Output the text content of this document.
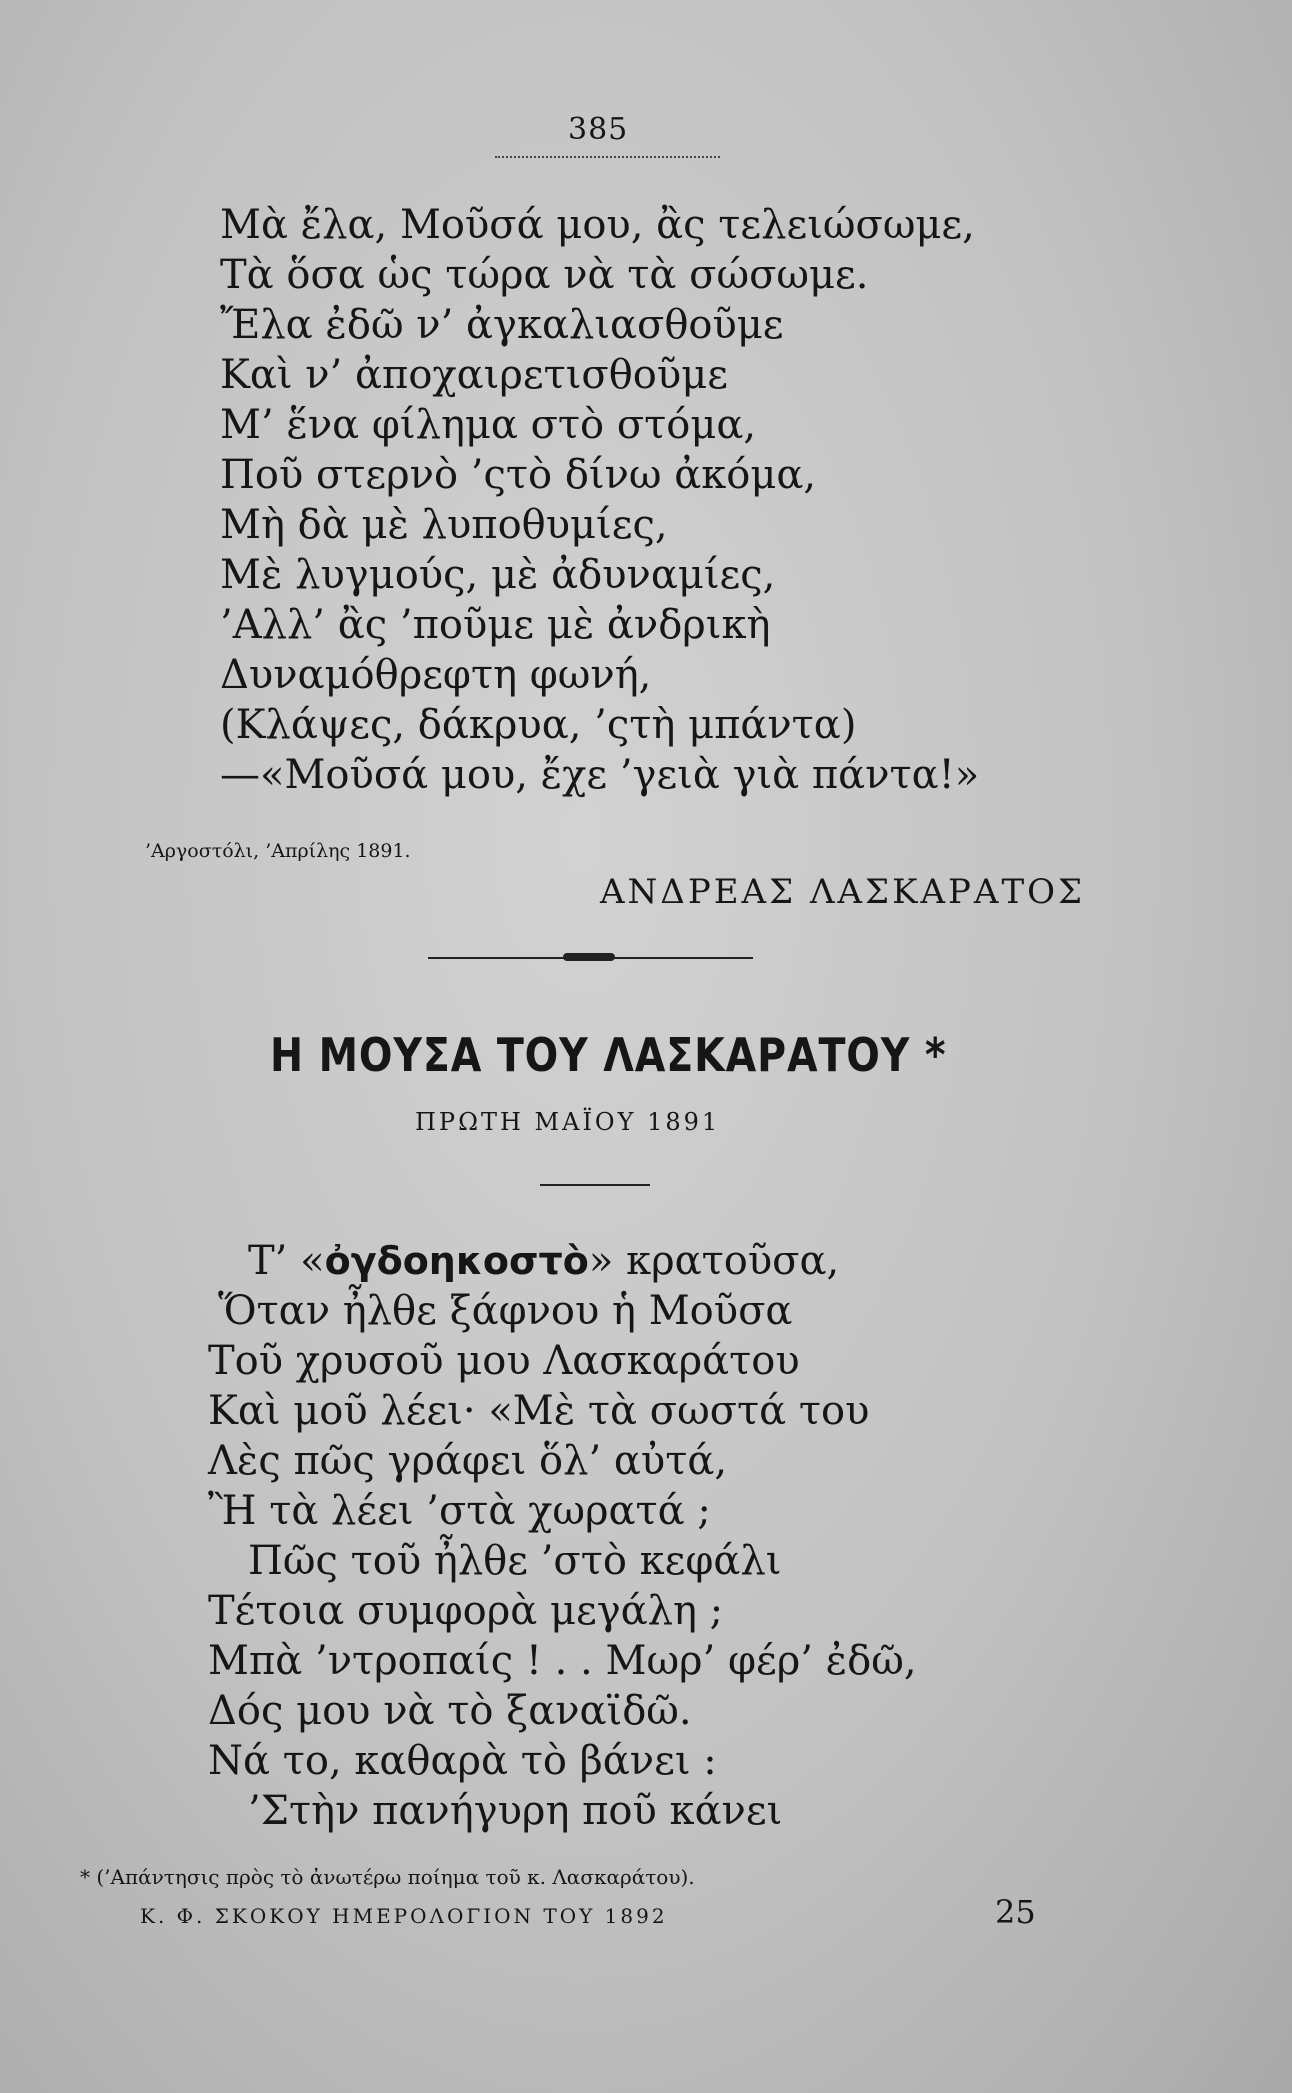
385
Μὰ ἔλα, Μοῦσά μου, ἂς τελειώσωμε,
Τὰ ὅσα ὡς τώρα νὰ τὰ σώσωμε.
Ἔλα ἐδῶ ν’ ἀγκαλιασθοῦμε
Καὶ ν’ ἀποχαιρετισθοῦμε
Μ’ ἕνα φίλημα στὸ στόμα,
Ποῦ στερνὸ ’ςτὸ δίνω ἀκόμα,
Μὴ δὰ μὲ λυποθυμίες,
Μὲ λυγμούς, μὲ ἀδυναμίες,
’Αλλ’ ἂς ’ποῦμε μὲ ἀνδρικὴ
Δυναμόθρεφτη φωνή,
(Κλάψες, δάκρυα, ’ςτὴ μπάντα)
—«Μοῦσά μου, ἔχε ’γειὰ γιὰ πάντα!»
’Αργοστόλι, ’Απρίλης 1891.
ΑΝΔΡΕΑΣ ΛΑΣΚΑΡΑΤΟΣ
Η ΜΟΥΣΑ ΤΟΥ ΛΑΣΚΑΡΑΤΟΥ *
ΠΡΩΤΗ ΜΑΪΟΥ 1891
Τ’ «ὀγδοηκοστὸ» κρατοῦσα,
Ὅταν ἦλθε ξάφνου ἡ Μοῦσα
Τοῦ χρυσοῦ μου Λασκαράτου
Καὶ μοῦ λέει· «Μὲ τὰ σωστά του
Λὲς πῶς γράφει ὅλ’ αὐτά,
Ἢ τὰ λέει ’στὰ χωρατά ;
Πῶς τοῦ ἦλθε ’στὸ κεφάλι
Τέτοια συμφορὰ μεγάλη ;
Μπὰ ’ντροπαίς ! . . Μωρ’ φέρ’ ἐδῶ,
Δός μου νὰ τὸ ξαναϊδῶ.
Νά το, καθαρὰ τὸ βάνει :
’Στὴν πανήγυρη ποῦ κάνει
* (’Απάντησις πρὸς τὸ ἀνωτέρω ποίημα τοῦ κ. Λασκαράτου).
Κ. Φ. ΣΚΟΚΟΥ ΗΜΕΡΟΛΟΓΙΟΝ ΤΟΥ 1892	25
